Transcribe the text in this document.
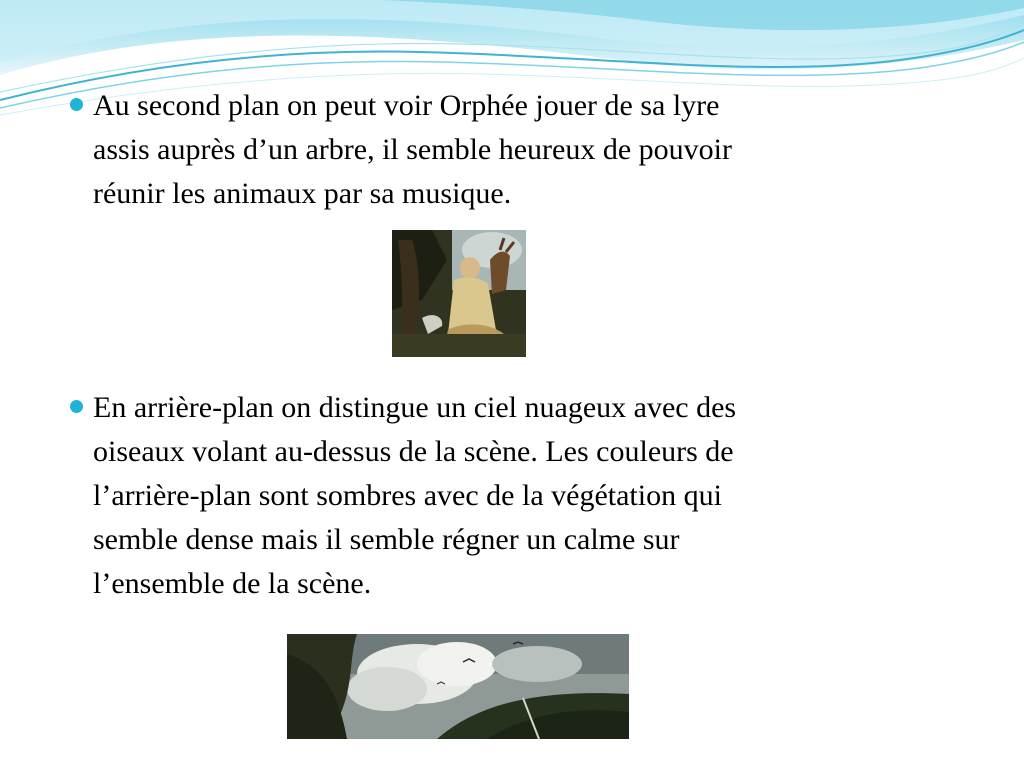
Au second plan on peut voir Orphée jouer de sa lyre
assis auprès d’un arbre, il semble heureux de pouvoir
réunir les animaux par sa musique.
En arrière-plan on distingue un ciel nuageux avec des
oiseaux volant au-dessus de la scène. Les couleurs de
l’arrière-plan sont sombres avec de la végétation qui
semble dense mais il semble régner un calme sur
l’ensemble de la scène.
